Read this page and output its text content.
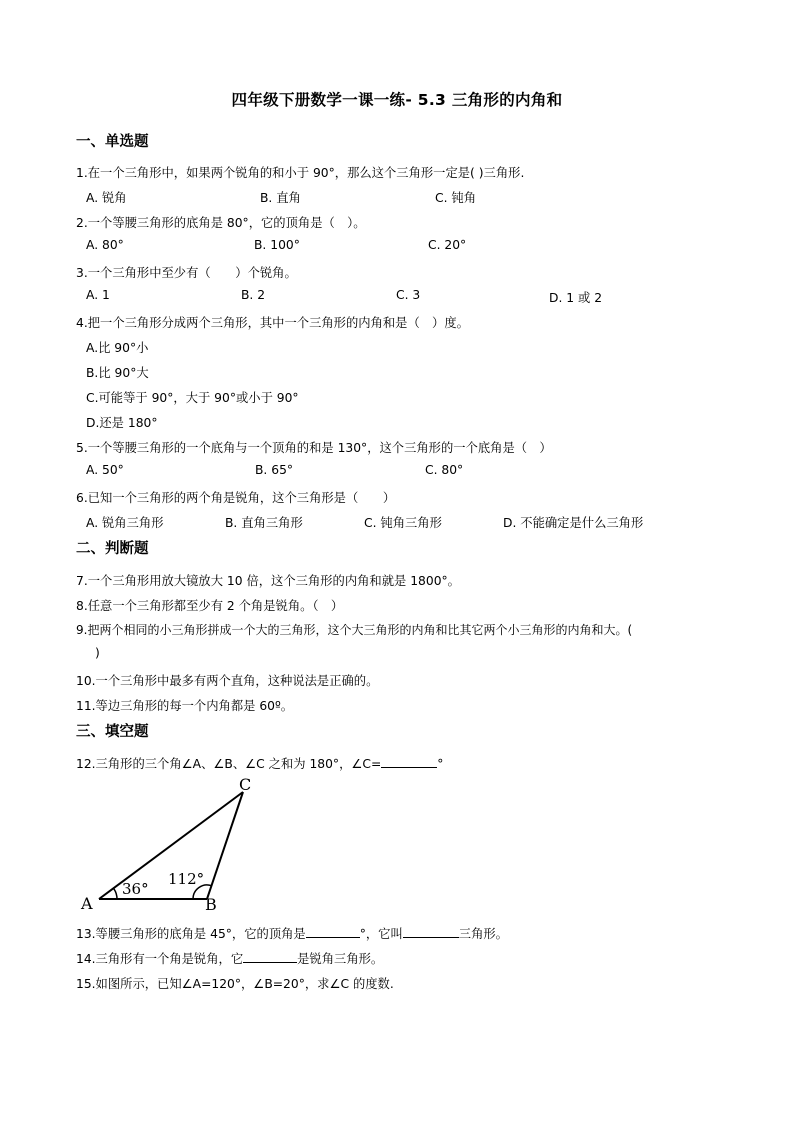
四年级下册数学一课一练- 5.3 三角形的内角和
一、单选题
1.在一个三角形中，如果两个锐角的和小于 90°，那么这个三角形一定是( )三角形.
A. 锐角	B. 直角	C. 钝角
2.一个等腰三角形的底角是 80°，它的顶角是（　）。
A. 80°	B. 100°	C. 20°
3.一个三角形中至少有（　　）个锐角。
A. 1	B. 2	C. 3	D. 1 或 2
4.把一个三角形分成两个三角形，其中一个三角形的内角和是（　）度。
A.比 90°小
B.比 90°大
C.可能等于 90°，大于 90°或小于 90°
D.还是 180°
5.一个等腰三角形的一个底角与一个顶角的和是 130°，这个三角形的一个底角是（　）
A. 50°	B. 65°	C. 80°
6.已知一个三角形的两个角是锐角，这个三角形是（　　）
A. 锐角三角形	B. 直角三角形	C. 钝角三角形	D. 不能确定是什么三角形
二、判断题
7.一个三角形用放大镜放大 10 倍，这个三角形的内角和就是 1800°。
8.任意一个三角形都至少有 2 个角是锐角。（　）
9.把两个相同的小三角形拼成一个大的三角形，这个大三角形的内角和比其它两个小三角形的内角和大。(
)
10.一个三角形中最多有两个直角，这种说法是正确的。
11.等边三角形的每一个内角都是 60º。
三、填空题
12.三角形的三个角∠A、∠B、∠C 之和为 180°，∠C=	°
A	B
C
36°
112°
13.等腰三角形的底角是 45°，它的顶角是	°，它叫	三角形。
14.三角形有一个角是锐角，它	是锐角三角形。
15.如图所示，已知∠A=120°，∠B=20°，求∠C 的度数.
